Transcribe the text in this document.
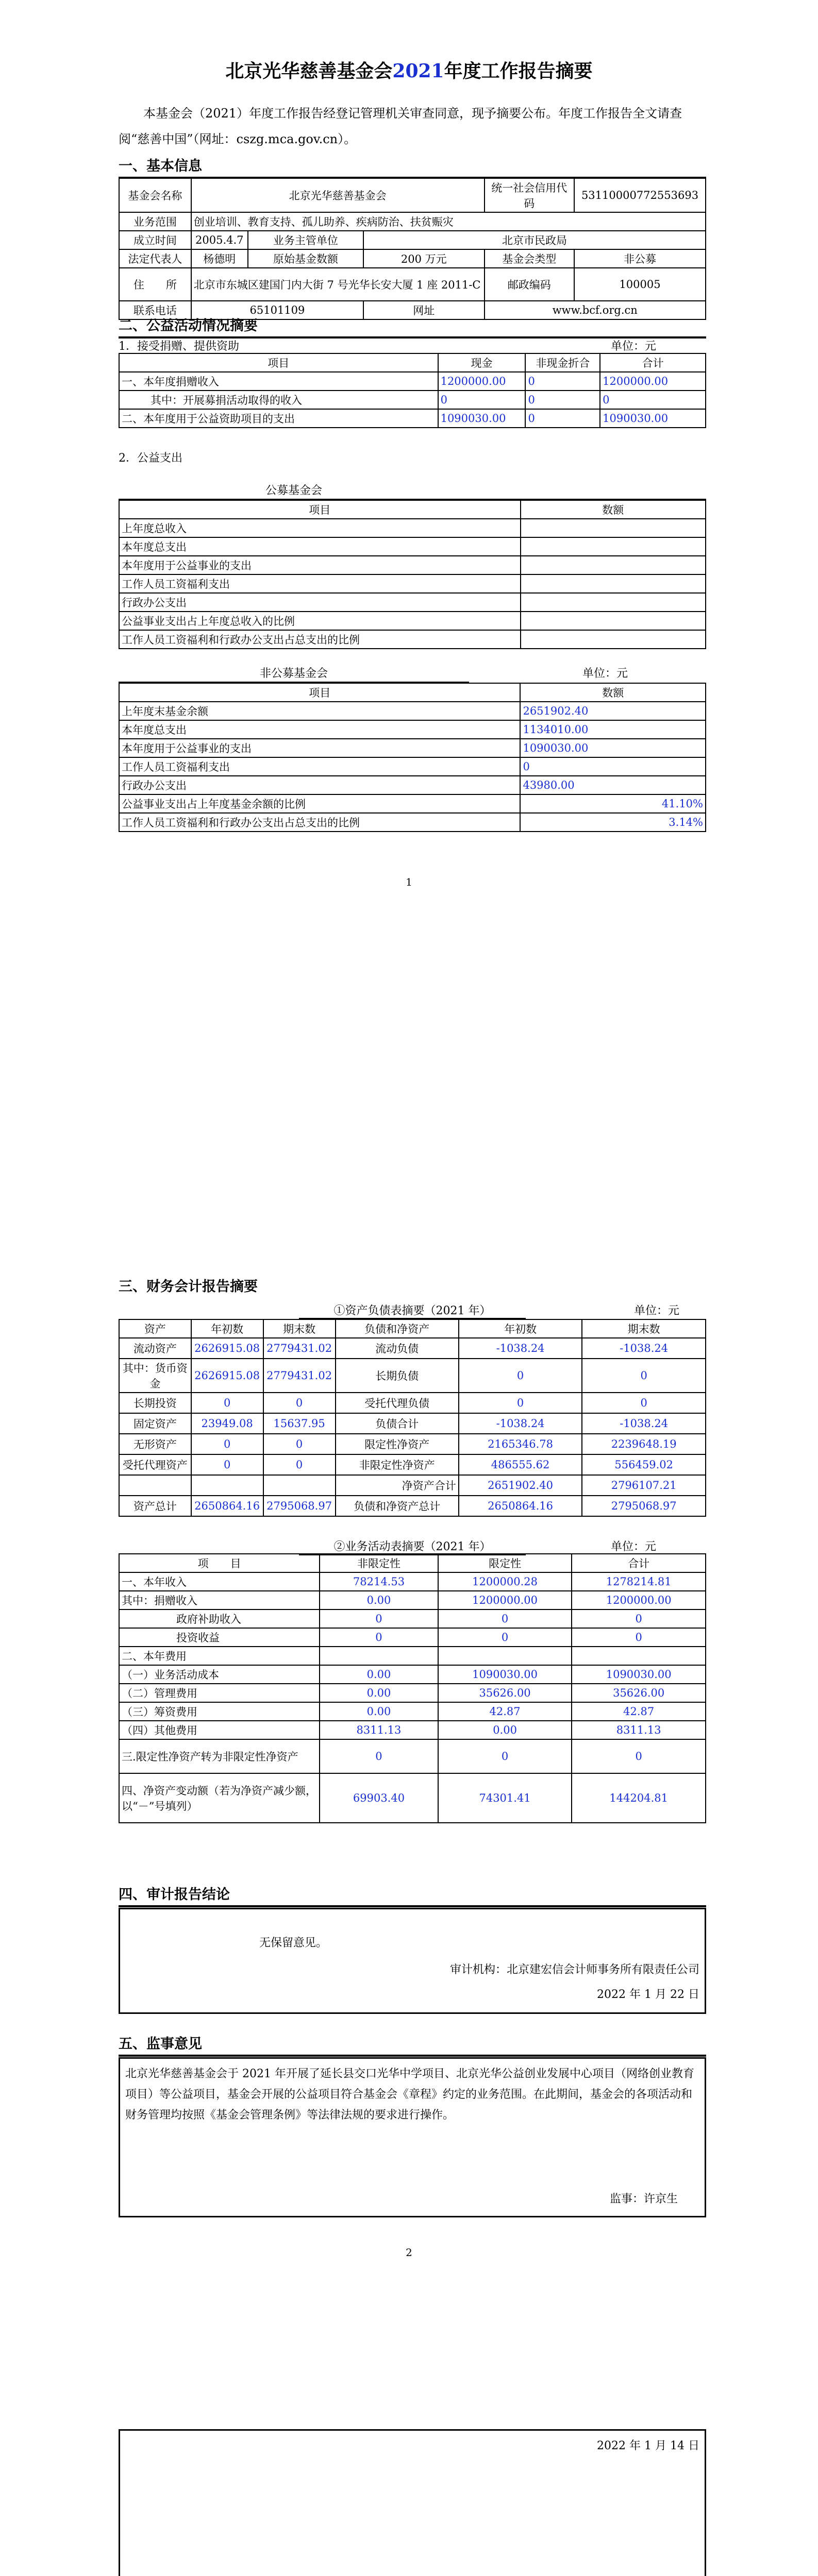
北京光华慈善基金会2021年度工作报告摘要
本基金会（2021）年度工作报告经登记管理机关审查同意，现予摘要公布。年度工作报告全文请查阅“慈善中国”（网址：cszg.mca.gov.cn）。
一、基本信息
基金会名称	北京光华慈善基金会			统一社会信用代码	53110000772553693
业务范围	创业培训、教育支持、孤儿助养、疾病防治、扶贫赈灾				
成立时间	2005.4.7	业务主管单位	北京市民政局		
法定代表人	杨德明	原始基金数额	200 万元	基金会类型	非公募
住　　所	北京市东城区建国门内大街 7 号光华长安大厦 1 座 2011-C			邮政编码	100005
联系电话	65101109		网址	www.bcf.org.cn	
二、公益活动情况摘要
1．接受捐赠、提供资助	单位：元
项目	现金	非现金折合	合计
一、本年度捐赠收入	1200000.00	0	1200000.00
其中：开展募捐活动取得的收入	0	0	0
二、本年度用于公益资助项目的支出	1090030.00	0	1090030.00
2．公益支出
公募基金会
项目	数额
上年度总收入	
本年度总支出	
本年度用于公益事业的支出	
工作人员工资福利支出	
行政办公支出	
公益事业支出占上年度总收入的比例	
工作人员工资福利和行政办公支出占总支出的比例	
非公募基金会	单位：元
项目	数额
上年度末基金余额	2651902.40
本年度总支出	1134010.00
本年度用于公益事业的支出	1090030.00
工作人员工资福利支出	0
行政办公支出	43980.00
公益事业支出占上年度基金余额的比例	41.10%
工作人员工资福利和行政办公支出占总支出的比例	3.14%
1
三、财务会计报告摘要
①资产负债表摘要（2021 年）	单位：元
资产	年初数	期末数	负债和净资产	年初数	期末数
流动资产	2626915.08	2779431.02	流动负债	-1038.24	-1038.24
其中：货币资金	2626915.08	2779431.02	长期负债	0	0
长期投资	0	0	受托代理负债	0	0
固定资产	23949.08	15637.95	负债合计	-1038.24	-1038.24
无形资产	0	0	限定性净资产	2165346.78	2239648.19
受托代理资产	0	0	非限定性净资产	486555.62	556459.02
			净资产合计	2651902.40	2796107.21
资产总计	2650864.16	2795068.97	负债和净资产总计	2650864.16	2795068.97
②业务活动表摘要（2021 年）	单位：元
项　　目	非限定性	限定性	合计
一、本年收入	78214.53	1200000.28	1278214.81
其中：捐赠收入	0.00	1200000.00	1200000.00
政府补助收入	0	0	0
投资收益	0	0	0
二、本年费用			
（一）业务活动成本	0.00	1090030.00	1090030.00
（二）管理费用	0.00	35626.00	35626.00
（三）筹资费用	0.00	42.87	42.87
（四）其他费用	8311.13	0.00	8311.13
三.限定性净资产转为非限定性净资产	0	0	0
四、净资产变动额（若为净资产减少额，以“－”号填列）	69903.40	74301.41	144204.81
四、审计报告结论
无保留意见。
审计机构：北京建宏信会计师事务所有限责任公司
2022 年 1 月 22 日
五、监事意见
北京光华慈善基金会于 2021 年开展了延长县交口光华中学项目、北京光华公益创业发展中心项目（网络创业教育项目）等公益项目，基金会开展的公益项目符合基金会《章程》约定的业务范围。在此期间，基金会的各项活动和财务管理均按照《基金会管理条例》等法律法规的要求进行操作。
监事：许京生
2
2022 年 1 月 14 日
